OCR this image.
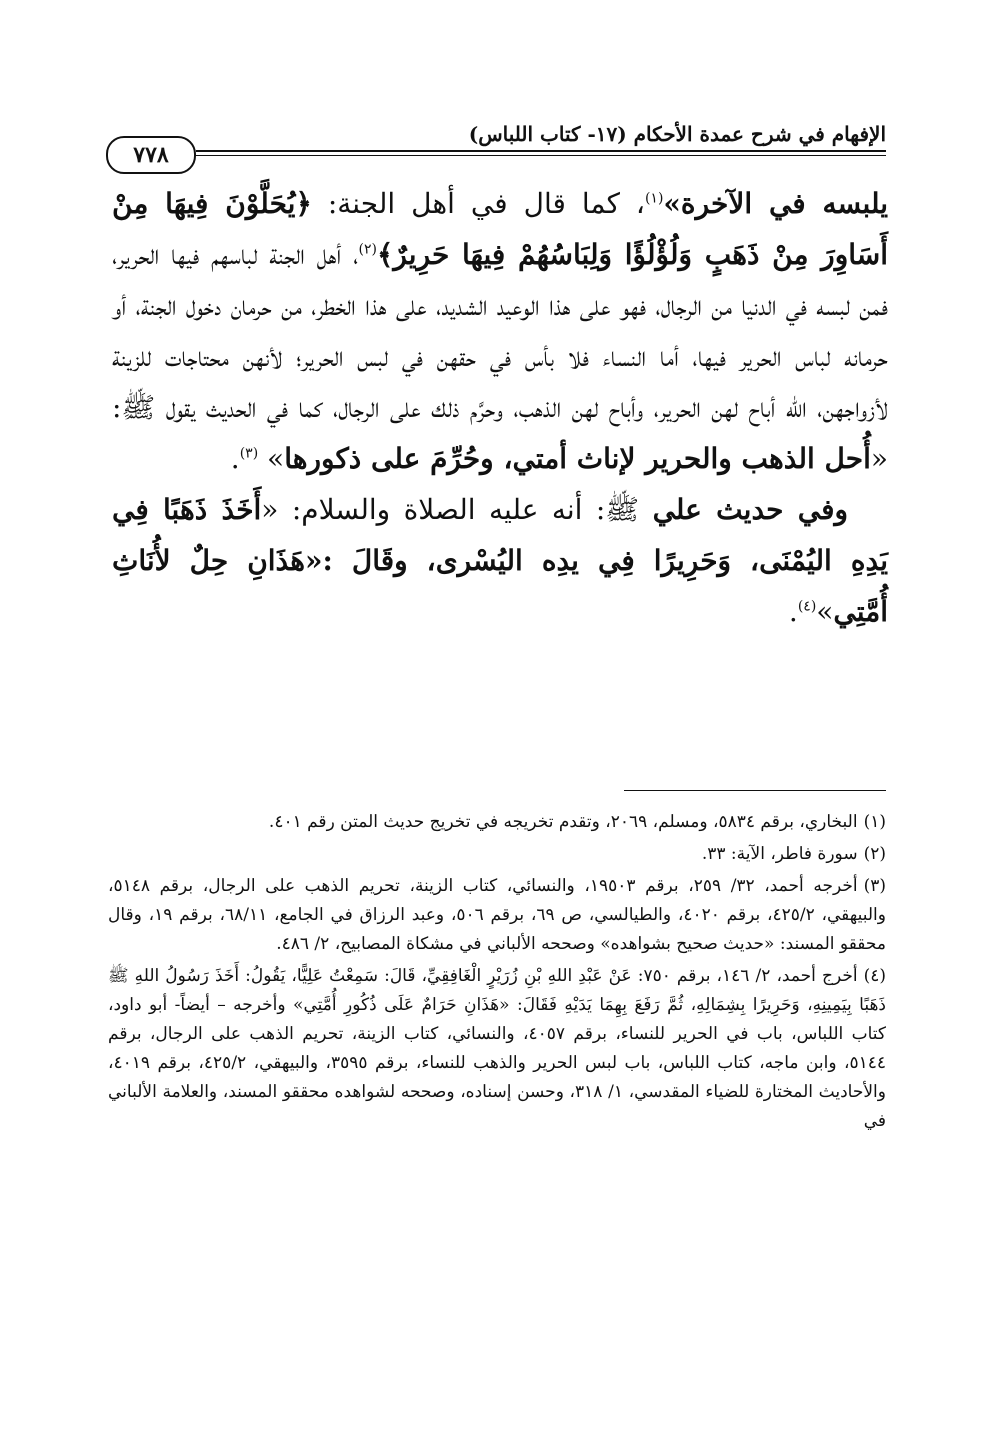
الإفهام في شرح عمدة الأحكام (١٧- كتاب اللباس)
٧٧٨

يلبسه في الآخرة»$^{(١)}$، كما قال في أهل الجنة: ﴿يُحَلَّوْنَ فِيهَا مِنْ أَسَاوِرَ مِنْ ذَهَبٍ وَلُؤْلُؤًا وَلِبَاسُهُمْ فِيهَا حَرِيرٌ﴾$^{(٢)}$، أهل الجنة لباسهم فيها الحرير، فمن لبسه في الدنيا من الرجال، فهو على هذا الوعيد الشديد، على هذا الخطر، من حرمان دخول الجنة، أو حرمانه لباس الحرير فيها، أما النساء فلا بأس في حقهن في لبس الحرير؛ لأنهن محتاجات للزينة لأزواجهن، الله أباح لهن الحرير، وأباح لهن الذهب، وحرَّم ذلك على الرجال، كما في الحديث يقول ﷺ: «أُحل الذهب والحرير لإناث أمتي، وحُرِّمَ على ذكورها» $^{(٣)}$.

وفي حديث علي ﷺ: أنه عليه الصلاة والسلام: «أَخَذَ ذَهَبًا فِي يَدِهِ اليُمْنَى، وَحَرِيرًا فِي يدِه اليُسْرى، وقَالَ :«هَذَانِ حِلٌ لأُنَاثِ أُمَّتِي»$^{(٤)}$.

(١)البخاري، برقم ٥٨٣٤، ومسلم، ٢٠٦٩، وتقدم تخريجه في تخريج حديث المتن رقم ٤٠١.

(٢)سورة فاطر، الآية: ٣٣.

(٣)أخرجه أحمد، ٣٢/ ٢٥٩، برقم ١٩٥٠٣، والنسائي، كتاب الزينة، تحريم الذهب على الرجال، برقم ٥١٤٨، والبيهقي، ٤٢٥/٢، برقم ٤٠٢٠، والطيالسي، ص ٦٩، برقم ٥٠٦، وعبد الرزاق في الجامع، ٦٨/١١، برقم ١٩، وقال محققو المسند: «حديث صحيح بشواهده» وصححه الألباني في مشكاة المصابيح، ٢/ ٤٨٦.

(٤)أخرج أحمد، ٢/ ١٤٦، برقم ٧٥٠: عَنْ عَبْدِ اللهِ بْنِ زُرَيْرٍ الْغَافِقِيِّ، قَالَ: سَمِعْتُ عَلِيًّا، يَقُولُ: أَخَذَ رَسُولُ اللهِ ﷺ ذَهَبًا بِيَمِينِهِ، وَحَرِيرًا بِشِمَالِهِ، ثُمَّ رَفَعَ بِهِمَا يَدَيْهِ فَقَالَ: «هَذَانِ حَرَامٌ عَلَى ذُكُورِ أُمَّتِي» وأخرجه – أيضاً- أبو داود، كتاب اللباس، باب في الحرير للنساء، برقم ٤٠٥٧، والنسائي، كتاب الزينة، تحريم الذهب على الرجال، برقم ٥١٤٤، وابن ماجه، كتاب اللباس، باب لبس الحرير والذهب للنساء، برقم ٣٥٩٥، والبيهقي، ٤٢٥/٢، برقم ٤٠١٩، والأحاديث المختارة للضياء المقدسي، ١/ ٣١٨، وحسن إسناده، وصححه لشواهده محققو المسند، والعلامة الألباني في
